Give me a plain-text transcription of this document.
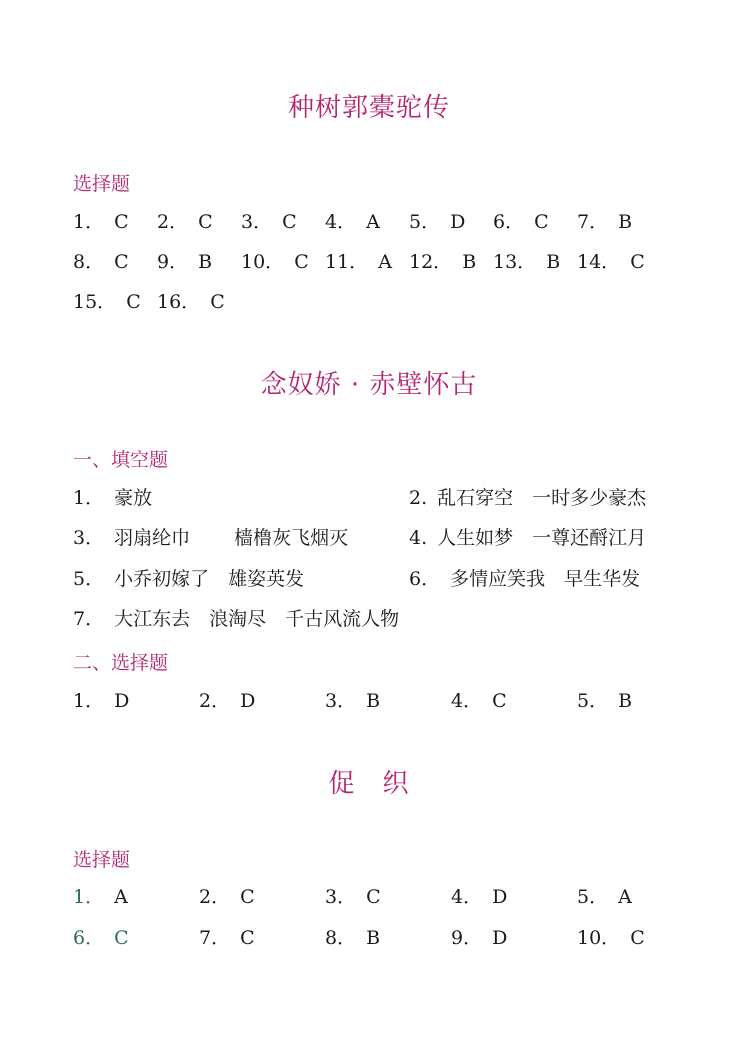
种树郭橐驼传
选择题
1． C 2． C 3． C 4． A 5． D 6． C 7． B
8． C 9． B 10． C 11． A 12． B 13． B 14． C
15． C 16． C
念奴娇 · 赤壁怀古
一、填空题
1． 豪放	2. 乱石穿空　一时多少豪杰
3． 羽扇纶巾　　 樯橹灰飞烟灭	4. 人生如梦　一尊还酹江月
5． 小乔初嫁了　雄姿英发	6． 多情应笑我　早生华发
7． 大江东去　浪淘尽　千古风流人物
二、选择题
1． D	2． D	3． B	4． C	5． B
促　织
选择题
1． A	2． C	3． C	4． D	5． A
6． C	7． C	8． B	9． D	10． C
